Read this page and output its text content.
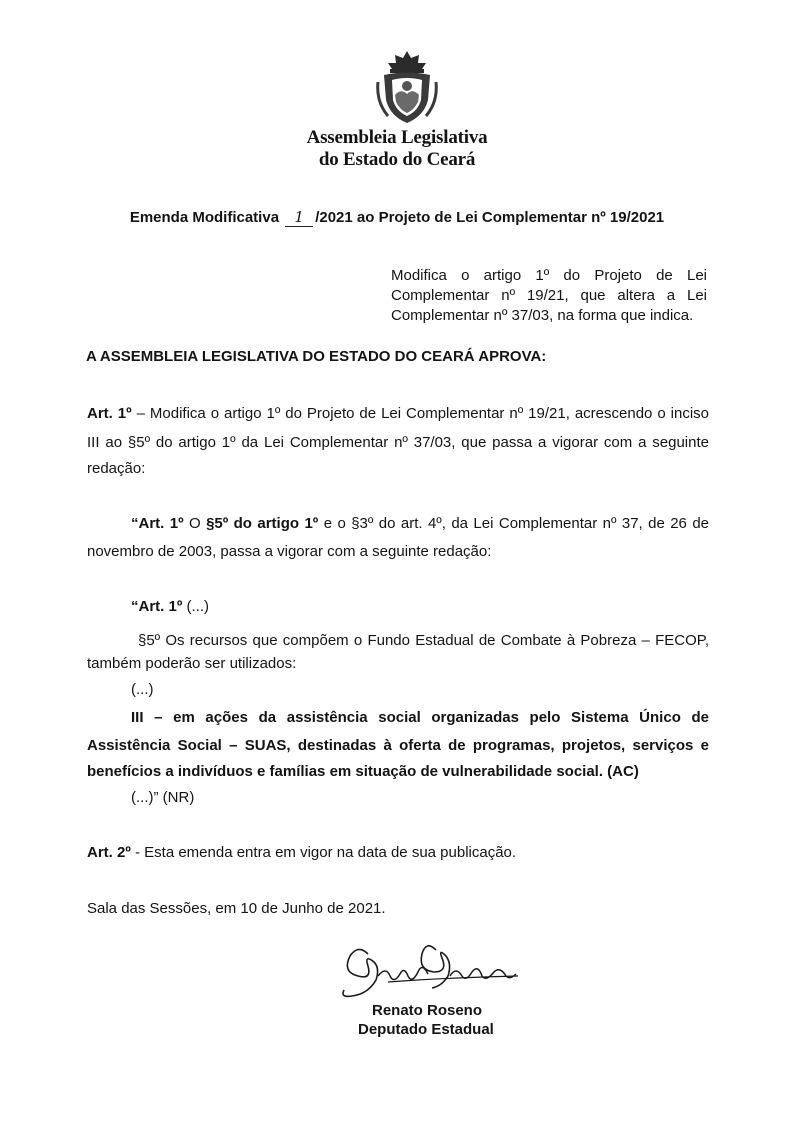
Assembleia Legislativa
do Estado do Ceará
Emenda Modificativa 1 /2021 ao Projeto de Lei Complementar nº 19/2021
Modifica o artigo 1º do Projeto de Lei Complementar nº 19/21, que altera a Lei Complementar nº 37/03, na forma que indica.
A ASSEMBLEIA LEGISLATIVA DO ESTADO DO CEARÁ APROVA:
Art. 1º – Modifica o artigo 1º do Projeto de Lei Complementar nº 19/21, acrescendo o inciso
III ao §5º do artigo 1º da Lei Complementar nº 37/03, que passa a vigorar com a seguinte
redação:
“Art. 1º O §5º do artigo 1º e o §3º do art. 4º, da Lei Complementar nº 37, de 26 de
novembro de 2003, passa a vigorar com a seguinte redação:
“Art. 1º (...)
§5º Os recursos que compõem o Fundo Estadual de Combate à Pobreza – FECOP,
também poderão ser utilizados:
(...)
III – em ações da assistência social organizadas pelo Sistema Único de
Assistência Social – SUAS, destinadas à oferta de programas, projetos, serviços e
benefícios a indivíduos e famílias em situação de vulnerabilidade social. (AC)
(...)” (NR)
Art. 2º - Esta emenda entra em vigor na data de sua publicação.
Sala das Sessões, em 10 de Junho de 2021.
Renato Roseno
Deputado Estadual
